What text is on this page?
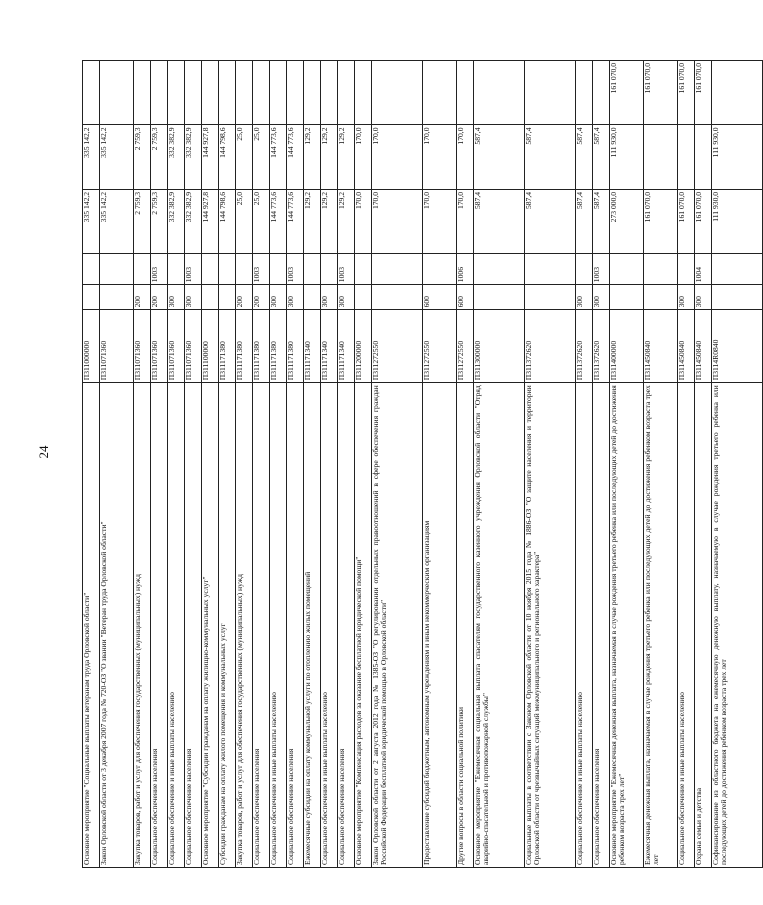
24
Основное мероприятие "Социальные выплаты ветеранам труда Орловской области"	П311000000			335 142,2	335 142,2	
Закон Орловской области от 3 декабря 2007 года № 720-ОЗ "О звании "Ветеран труда Орловской области"	П311071360			335 142,2	335 142,2	
Закупка товаров, работ и услуг для обеспечения государственных (муниципальных) нужд	П311071360	200		2 759,3	2 759,3	
Социальное обеспечение населения	П311071360	200	1003	2 759,3	2 759,3	
Социальное обеспечение и иные выплаты населению	П311071360	300		332 382,9	332 382,9	
Социальное обеспечение населения	П311071360	300	1003	332 382,9	332 382,9	
Основное мероприятие "Субсидии гражданам на оплату жилищно-коммунальных услуг"	П311100000			144 927,8	144 927,8	
Субсидии гражданам на оплату жилого помещения и коммунальных услуг	П311171380			144 798,6	144 798,6	
Закупка товаров, работ и услуг для обеспечения государственных (муниципальных) нужд	П311171380	200		25,0	25,0	
Социальное обеспечение населения	П311171380	200	1003	25,0	25,0	
Социальное обеспечение и иные выплаты населению	П311171380	300		144 773,6	144 773,6	
Социальное обеспечение населения	П311171380	300	1003	144 773,6	144 773,6	
Ежемесячные субсидии на оплату коммунальной услуги по отоплению жилых помещений	П311171340			129,2	129,2	
Социальное обеспечение и иные выплаты населению	П311171340	300		129,2	129,2	
Социальное обеспечение населения	П311171340	300	1003	129,2	129,2	
Основное мероприятие "Компенсация расходов за оказание бесплатной юридической помощи"	П311200000			170,0	170,0	
Закон Орловской области от 2 августа 2012 года № 1385-ОЗ "О регулировании отдельных правоотношений в сфере обеспечения граждан Российской Федерации бесплатной юридической помощью в Орловской области"	П311272550			170,0	170,0	
Предоставление субсидий бюджетным, автономным учреждениям и иным некоммерческим организациям	П311272550	600		170,0	170,0	
Другие вопросы в области социальной политики	П311272550	600	1006	170,0	170,0	
Основное мероприятие "Ежемесячная социальная выплата спасателям государственного казенного учреждения Орловской области "Отряд аварийно-спасательной и противопожарной службы"	П311300000			587,4	587,4	
Социальные выплаты в соответствии с Законом Орловской области от 10 ноября 2015 года № 1886-ОЗ "О защите населения и территории Орловской области от чрезвычайных ситуаций межмуниципального и регионального характера"	П311372620			587,4	587,4	
Социальное обеспечение и иные выплаты населению	П311372620	300		587,4	587,4	
Социальное обеспечение населения	П311372620	300	1003	587,4	587,4	
Основное мероприятие "Ежемесячная денежная выплата, назначаемая в случае рождения третьего ребенка или последующих детей до достижения ребенком возраста трех лет"	П311400000			273 000,0	111 930,0	161 070,0
Ежемесячная денежная выплата, назначаемая в случае рождения третьего ребенка или последующих детей до достижения ребенком возраста трех лет	П311450840			161 070,0		161 070,0
Социальное обеспечение и иные выплаты населению	П311450840	300		161 070,0		161 070,0
Охрана семьи и детства	П311450840	300	1004	161 070,0		161 070,0
Софинансирование из областного бюджета на ежемесячную денежную выплату, назначаемую в случае рождения третьего ребенка или последующих детей до достижения ребенком возраста трех лет	П3114R0840			111 930,0	111 930,0	
